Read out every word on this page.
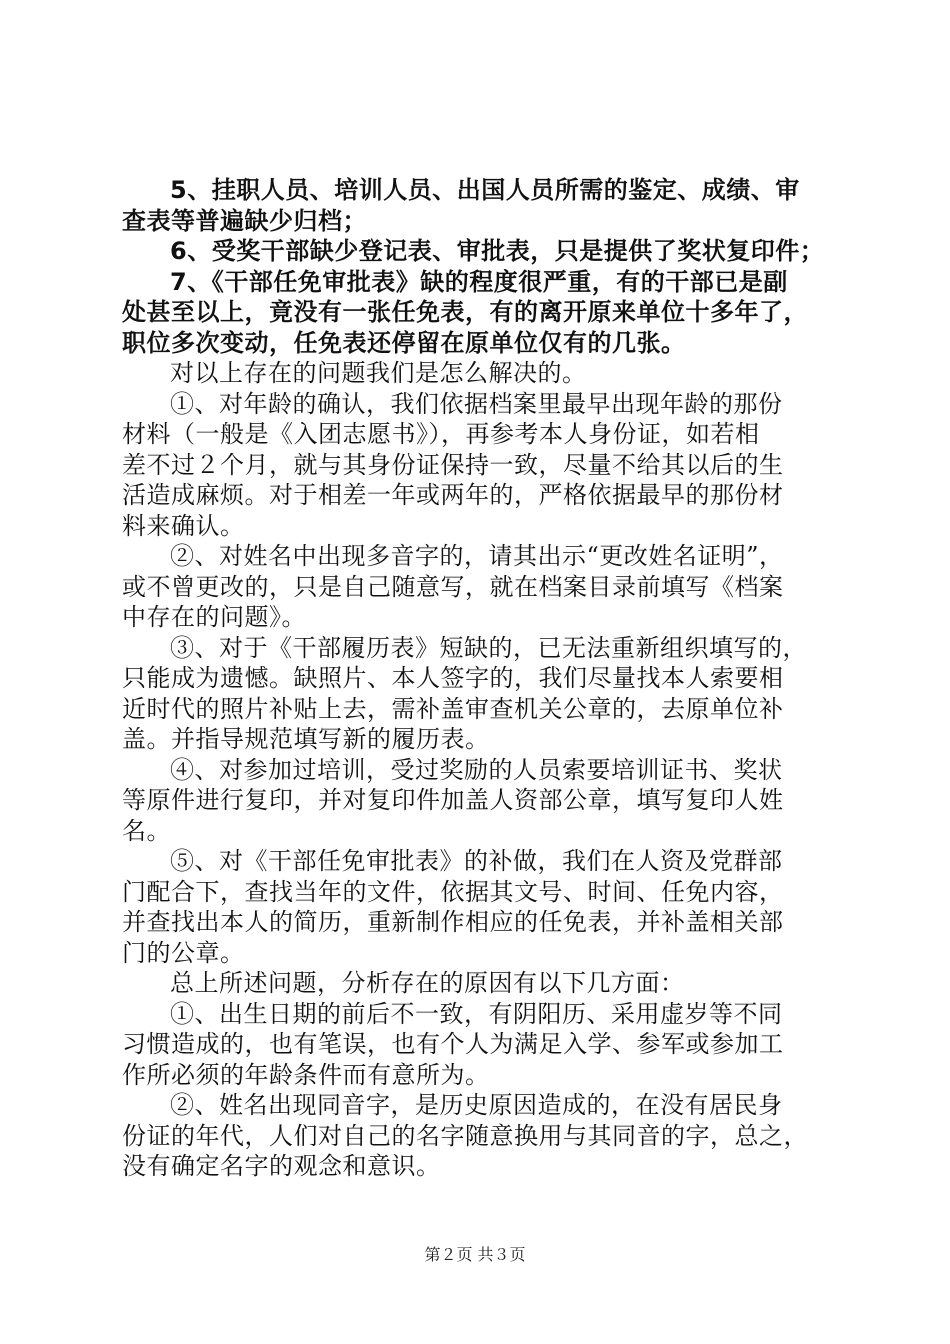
5、挂职人员、培训人员、出国人员所需的鉴定、成绩、审
查表等普遍缺少归档；
6、受奖干部缺少登记表、审批表，只是提供了奖状复印件；
7、《干部任免审批表》缺的程度很严重，有的干部已是副
处甚至以上，竟没有一张任免表，有的离开原来单位十多年了，
职位多次变动，任免表还停留在原单位仅有的几张。
对以上存在的问题我们是怎么解决的。
①、对年龄的确认，我们依据档案里最早出现年龄的那份
材料（一般是《入团志愿书》），再参考本人身份证，如若相
差不过２个月，就与其身份证保持一致，尽量不给其以后的生
活造成麻烦。对于相差一年或两年的，严格依据最早的那份材
料来确认。
②、对姓名中出现多音字的，请其出示“更改姓名证明”，
或不曾更改的，只是自己随意写，就在档案目录前填写《档案
中存在的问题》。
③、对于《干部履历表》短缺的，已无法重新组织填写的，
只能成为遗憾。缺照片、本人签字的，我们尽量找本人索要相
近时代的照片补贴上去，需补盖审查机关公章的，去原单位补
盖。并指导规范填写新的履历表。
④、对参加过培训，受过奖励的人员索要培训证书、奖状
等原件进行复印，并对复印件加盖人资部公章，填写复印人姓
名。
⑤、对《干部任免审批表》的补做，我们在人资及党群部
门配合下，查找当年的文件，依据其文号、时间、任免内容，
并查找出本人的简历，重新制作相应的任免表，并补盖相关部
门的公章。
总上所述问题，分析存在的原因有以下几方面：
①、出生日期的前后不一致，有阴阳历、采用虚岁等不同
习惯造成的，也有笔误，也有个人为满足入学、参军或参加工
作所必须的年龄条件而有意所为。
②、姓名出现同音字，是历史原因造成的，在没有居民身
份证的年代，人们对自己的名字随意换用与其同音的字，总之，
没有确定名字的观念和意识。
第２页 共３页
